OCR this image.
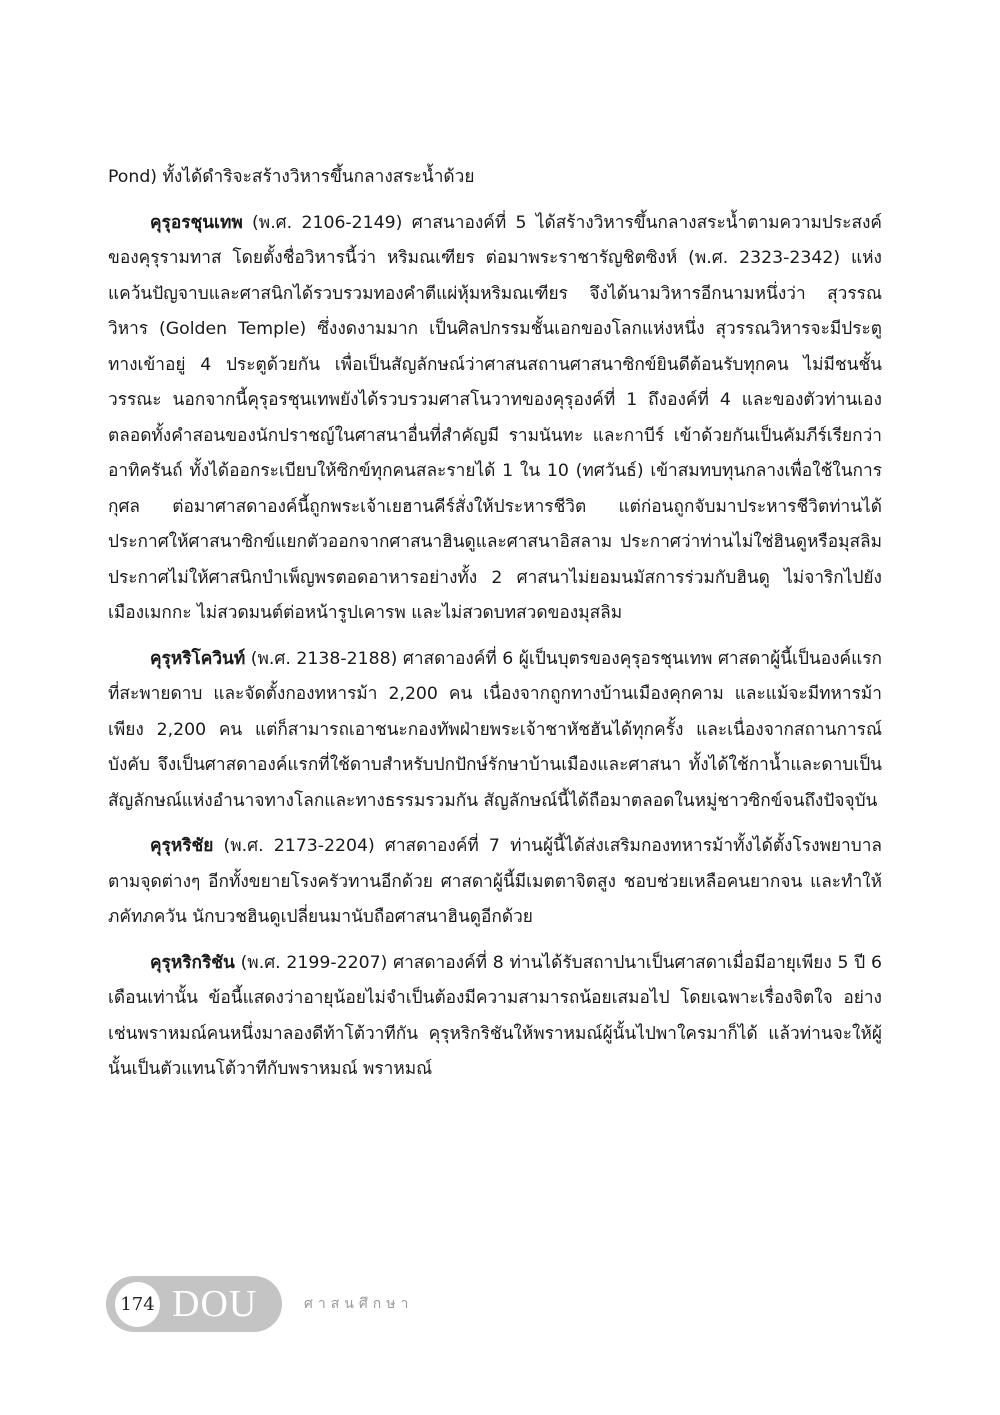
Pond) ทั้งได้ดำริจะสร้างวิหารขึ้นกลางสระน้ำด้วย

คุรุอรชุนเทพ (พ.ศ. 2106-2149) ศาสนาองค์ที่ 5 ได้สร้างวิหารขึ้นกลางสระน้ำตามความประสงค์ของคุรุรามทาส โดยตั้งชื่อวิหารนี้ว่า หริมณเฑียร ต่อมาพระราชารัญชิตซิงห์ (พ.ศ. 2323-2342) แห่งแคว้นปัญจาบและศาสนิกได้รวบรวมทองคำตีแผ่หุ้มหริมณเฑียร จึงได้นามวิหารอีกนามหนึ่งว่า สุวรรณวิหาร (Golden Temple) ซึ่งงดงามมาก เป็นศิลปกรรมชั้นเอกของโลกแห่งหนึ่ง สุวรรณวิหารจะมีประตูทางเข้าอยู่ 4 ประตูด้วยกัน เพื่อเป็นสัญลักษณ์ว่าศาสนสถานศาสนาซิกข์ยินดีต้อนรับทุกคน ไม่มีชนชั้นวรรณะ นอกจากนี้คุรุอรชุนเทพยังได้รวบรวมศาสโนวาทของคุรุองค์ที่ 1 ถึงองค์ที่ 4 และของตัวท่านเอง ตลอดทั้งคำสอนของนักปราชญ์ในศาสนาอื่นที่สำคัญมี รามนันทะ และกาบีร์ เข้าด้วยกันเป็นคัมภีร์เรียกว่า อาทิครันถ์ ทั้งได้ออกระเบียบให้ซิกข์ทุกคนสละรายได้ 1 ใน 10 (ทศวันธ์) เข้าสมทบทุนกลางเพื่อใช้ในการกุศล ต่อมาศาสดาองค์นี้ถูกพระเจ้าเยฮานคีร์สั่งให้ประหารชีวิต แต่ก่อนถูกจับมาประหารชีวิตท่านได้ประกาศให้ศาสนาซิกข์แยกตัวออกจากศาสนาฮินดูและศาสนาอิสลาม ประกาศว่าท่านไม่ใช่ฮินดูหรือมุสลิม ประกาศไม่ให้ศาสนิกบำเพ็ญพรตอดอาหารอย่างทั้ง 2 ศาสนาไม่ยอมนมัสการร่วมกับฮินดู ไม่จาริกไปยังเมืองเมกกะ ไม่สวดมนต์ต่อหน้ารูปเคารพ และไม่สวดบทสวดของมุสลิม

คุรุหริโควินท์ (พ.ศ. 2138-2188) ศาสดาองค์ที่ 6 ผู้เป็นบุตรของคุรุอรชุนเทพ ศาสดาผู้นี้เป็นองค์แรกที่สะพายดาบ และจัดตั้งกองทหารม้า 2,200 คน เนื่องจากถูกทางบ้านเมืองคุกคาม และแม้จะมีทหารม้าเพียง 2,200 คน แต่ก็สามารถเอาชนะกองทัพฝ่ายพระเจ้าชาหัชฮันได้ทุกครั้ง และเนื่องจากสถานการณ์บังคับ จึงเป็นศาสดาองค์แรกที่ใช้ดาบสำหรับปกปักษ์รักษาบ้านเมืองและศาสนา ทั้งได้ใช้กาน้ำและดาบเป็นสัญลักษณ์แห่งอำนาจทางโลกและทางธรรมรวมกัน สัญลักษณ์นี้ได้ถือมาตลอดในหมู่ชาวซิกข์จนถึงปัจจุบัน

คุรุหริชัย (พ.ศ. 2173-2204) ศาสดาองค์ที่ 7 ท่านผู้นี้ได้ส่งเสริมกองทหารม้าทั้งได้ตั้งโรงพยาบาลตามจุดต่างๆ อีกทั้งขยายโรงครัวทานอีกด้วย ศาสดาผู้นี้มีเมตตาจิตสูง ชอบช่วยเหลือคนยากจน และทำให้ภคัทภควัน นักบวชฮินดูเปลี่ยนมานับถือศาสนาฮินดูอีกด้วย

คุรุหริกริชัน (พ.ศ. 2199-2207) ศาสดาองค์ที่ 8 ท่านได้รับสถาปนาเป็นศาสดาเมื่อมีอายุเพียง 5 ปี 6 เดือนเท่านั้น ข้อนี้แสดงว่าอายุน้อยไม่จำเป็นต้องมีความสามารถน้อยเสมอไป โดยเฉพาะเรื่องจิตใจ อย่างเช่นพราหมณ์คนหนึ่งมาลองดีท้าโต้วาทีกัน คุรุหริกริชันให้พราหมณ์ผู้นั้นไปพาใครมาก็ได้ แล้วท่านจะให้ผู้นั้นเป็นตัวแทนโต้วาทีกับพราหมณ์ พราหมณ์

174 DOU	ศาสนศึกษา
